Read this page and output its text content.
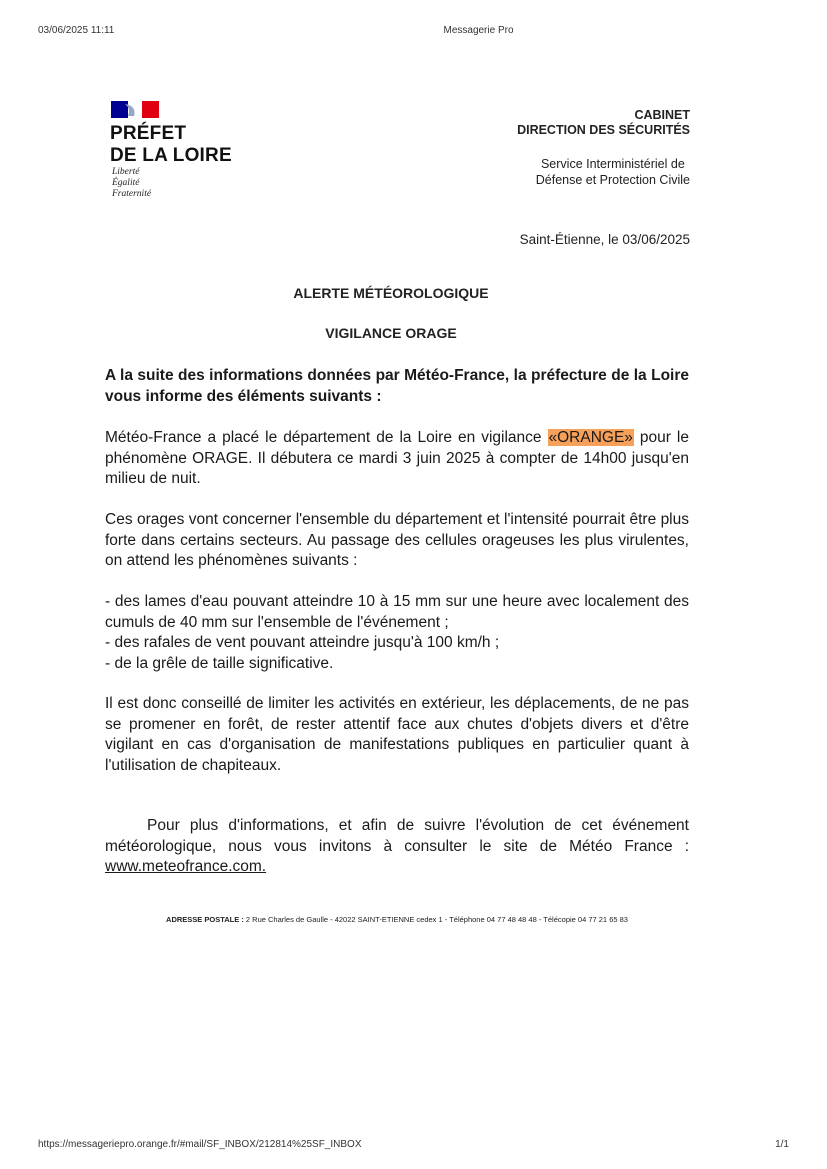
03/06/2025 11:11	Messagerie Pro
PRÉFET
DE LA LOIRE
Liberté
Égalité
Fraternité
CABINET
DIRECTION DES SÉCURITÉS
Service Interministériel de
Défense et Protection Civile
Saint-Étienne, le 03/06/2025
ALERTE MÉTÉOROLOGIQUE
VIGILANCE ORAGE
A la suite des informations données par Météo-France, la préfecture de la Loire vous informe des éléments suivants :
Météo-France a placé le département de la Loire en vigilance «ORANGE» pour le phénomène ORAGE. Il débutera ce mardi 3 juin 2025 à compter de 14h00 jusqu'en milieu de nuit.
Ces orages vont concerner l'ensemble du département et l'intensité pourrait être plus forte dans certains secteurs. Au passage des cellules orageuses les plus virulentes, on attend les phénomènes suivants :
- des lames d'eau pouvant atteindre 10 à 15 mm sur une heure avec localement des cumuls de 40 mm sur l'ensemble de l'événement ;
- des rafales de vent pouvant atteindre jusqu'à 100 km/h ;
- de la grêle de taille significative.
Il est donc conseillé de limiter les activités en extérieur, les déplacements, de ne pas se promener en forêt, de rester attentif face aux chutes d'objets divers et d'être vigilant en cas d'organisation de manifestations publiques en particulier quant à l'utilisation de chapiteaux.
Pour plus d'informations, et afin de suivre l'évolution de cet événement météorologique, nous vous invitons à consulter le site de Météo France : www.meteofrance.com.
ADRESSE POSTALE : 2 Rue Charles de Gaulle - 42022 SAINT-ETIENNE cedex 1 - Téléphone 04 77 48 48 48 - Télécopie 04 77 21 65 83
https://messageriepro.orange.fr/#mail/SF_INBOX/212814%25SF_INBOX	1/1
